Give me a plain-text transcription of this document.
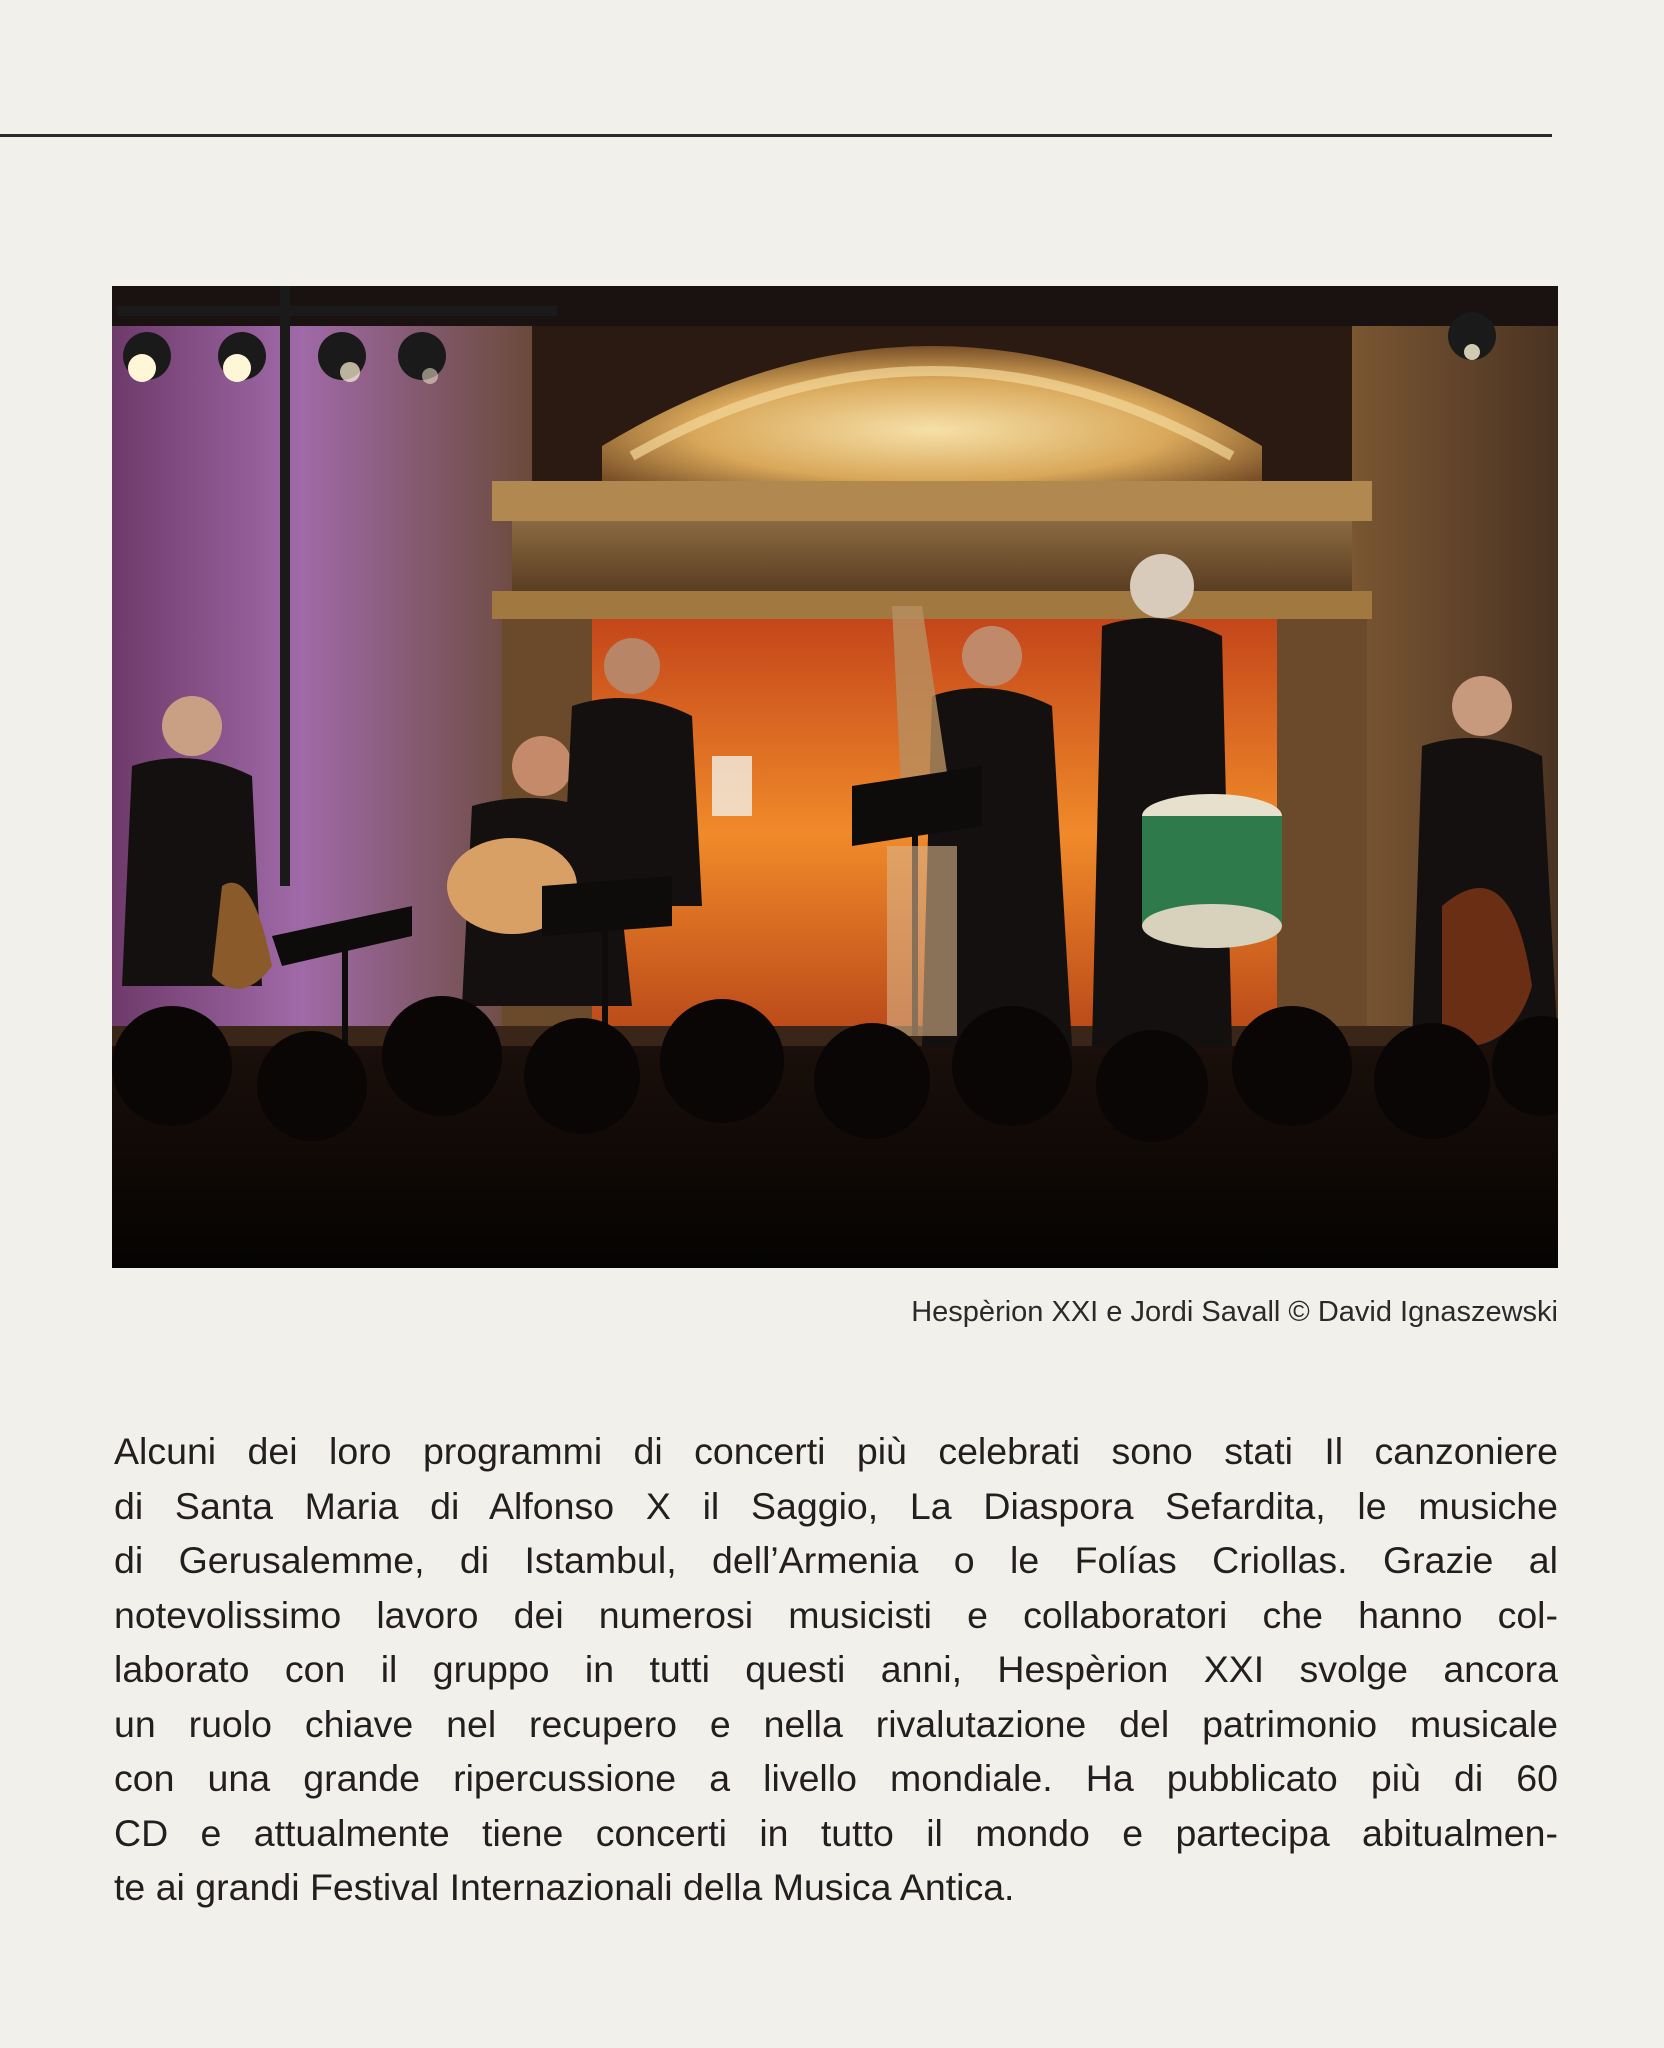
Hespèrion XXI e Jordi Savall © David Ignaszewski
Alcuni dei loro programmi di concerti più celebrati sono stati Il canzoniere
di Santa Maria di Alfonso X il Saggio, La Diaspora Sefardita, le musiche
di Gerusalemme, di Istambul, dell’Armenia o le Folías Criollas. Grazie al
notevolissimo lavoro dei numerosi musicisti e collaboratori che hanno col-
laborato con il gruppo in tutti questi anni, Hespèrion XXI svolge ancora
un ruolo chiave nel recupero e nella rivalutazione del patrimonio musicale
con una grande ripercussione a livello mondiale. Ha pubblicato più di 60
CD e attualmente tiene concerti in tutto il mondo e partecipa abitualmen-
te ai grandi Festival Internazionali della Musica Antica.
